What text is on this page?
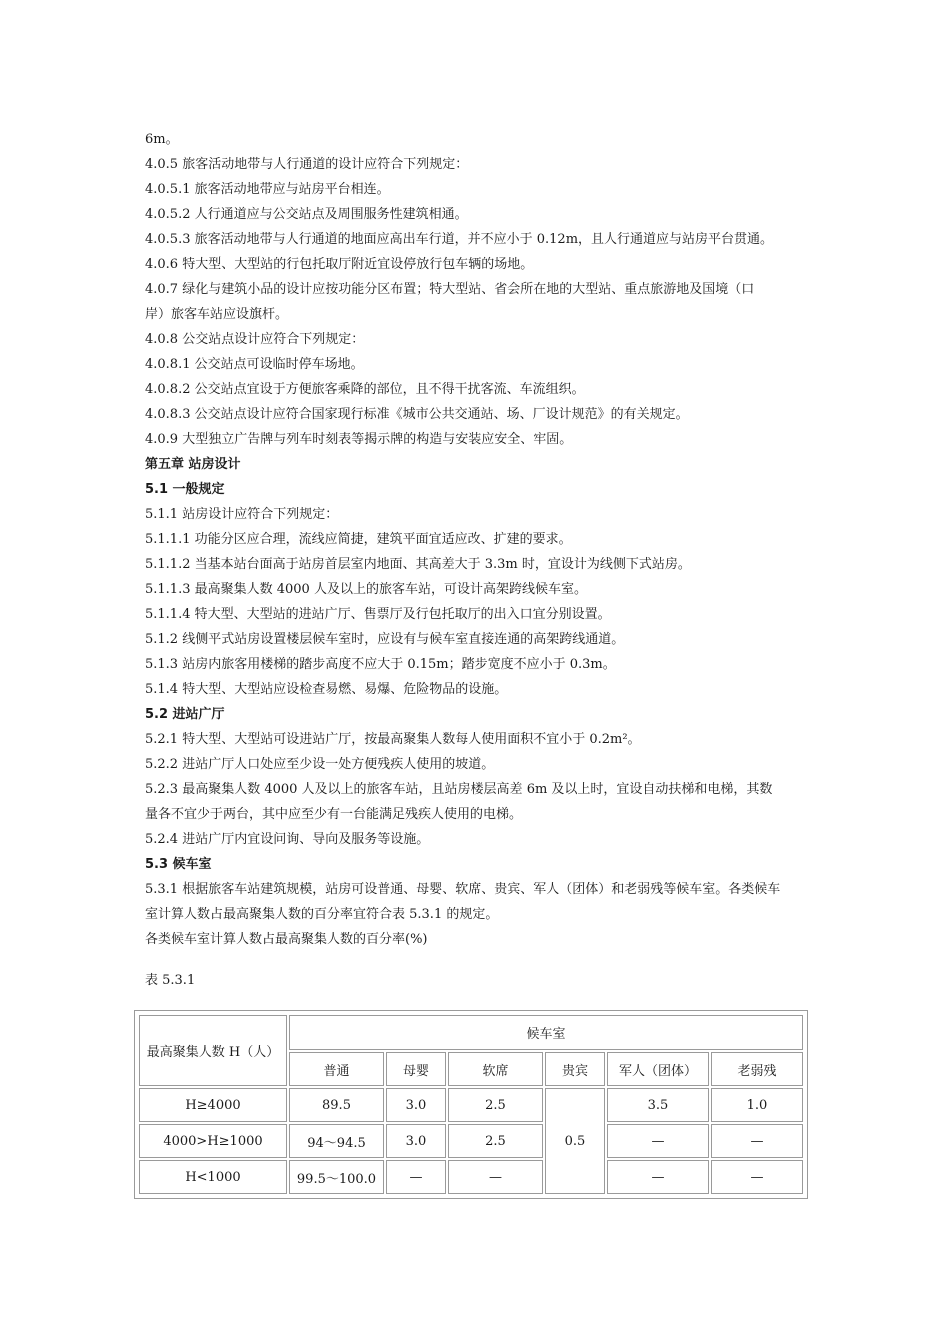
6m。
4.0.5 旅客活动地带与人行通道的设计应符合下列规定：
4.0.5.1 旅客活动地带应与站房平台相连。
4.0.5.2 人行通道应与公交站点及周围服务性建筑相通。
4.0.5.3 旅客活动地带与人行通道的地面应高出车行道，并不应小于 0.12m，且人行通道应与站房平台贯通。
4.0.6 特大型、大型站的行包托取厅附近宜设停放行包车辆的场地。
4.0.7 绿化与建筑小品的设计应按功能分区布置；特大型站、省会所在地的大型站、重点旅游地及国境（口
岸）旅客车站应设旗杆。
4.0.8 公交站点设计应符合下列规定：
4.0.8.1 公交站点可设临时停车场地。
4.0.8.2 公交站点宜设于方便旅客乘降的部位，且不得干扰客流、车流组织。
4.0.8.3 公交站点设计应符合国家现行标准《城市公共交通站、场、厂设计规范》的有关规定。
4.0.9 大型独立广告牌与列车时刻表等揭示牌的构造与安装应安全、牢固。
第五章 站房设计
5.1 一般规定
5.1.1 站房设计应符合下列规定：
5.1.1.1 功能分区应合理，流线应简捷，建筑平面宜适应改、扩建的要求。
5.1.1.2 当基本站台面高于站房首层室内地面、其高差大于 3.3m 时，宜设计为线侧下式站房。
5.1.1.3 最高聚集人数 4000 人及以上的旅客车站，可设计高架跨线候车室。
5.1.1.4 特大型、大型站的进站广厅、售票厅及行包托取厅的出入口宜分别设置。
5.1.2 线侧平式站房设置楼层候车室时，应设有与候车室直接连通的高架跨线通道。
5.1.3 站房内旅客用楼梯的踏步高度不应大于 0.15m；踏步宽度不应小于 0.3m。
5.1.4 特大型、大型站应设检查易燃、易爆、危险物品的设施。
5.2 进站广厅
5.2.1 特大型、大型站可设进站广厅，按最高聚集人数每人使用面积不宜小于 0.2m²。
5.2.2 进站广厅人口处应至少设一处方便残疾人使用的坡道。
5.2.3 最高聚集人数 4000 人及以上的旅客车站，且站房楼层高差 6m 及以上时，宜设自动扶梯和电梯，其数
量各不宜少于两台，其中应至少有一台能满足残疾人使用的电梯。
5.2.4 进站广厅内宜设问询、导向及服务等设施。
5.3 候车室
5.3.1 根据旅客车站建筑规模，站房可设普通、母婴、软席、贵宾、军人（团体）和老弱残等候车室。各类候车
室计算人数占最高聚集人数的百分率宜符合表 5.3.1 的规定。
各类候车室计算人数占最高聚集人数的百分率(%)
表 5.3.1
最高聚集人数 H（人）	候车室					
	普通	母婴	软席	贵宾	军人（团体）	老弱残
H≥4000	89.5	3.0	2.5	0.5	3.5	1.0
4000>H≥1000	94～94.5	3.0	2.5		—	—
H<1000	99.5～100.0	—	—		—	—
